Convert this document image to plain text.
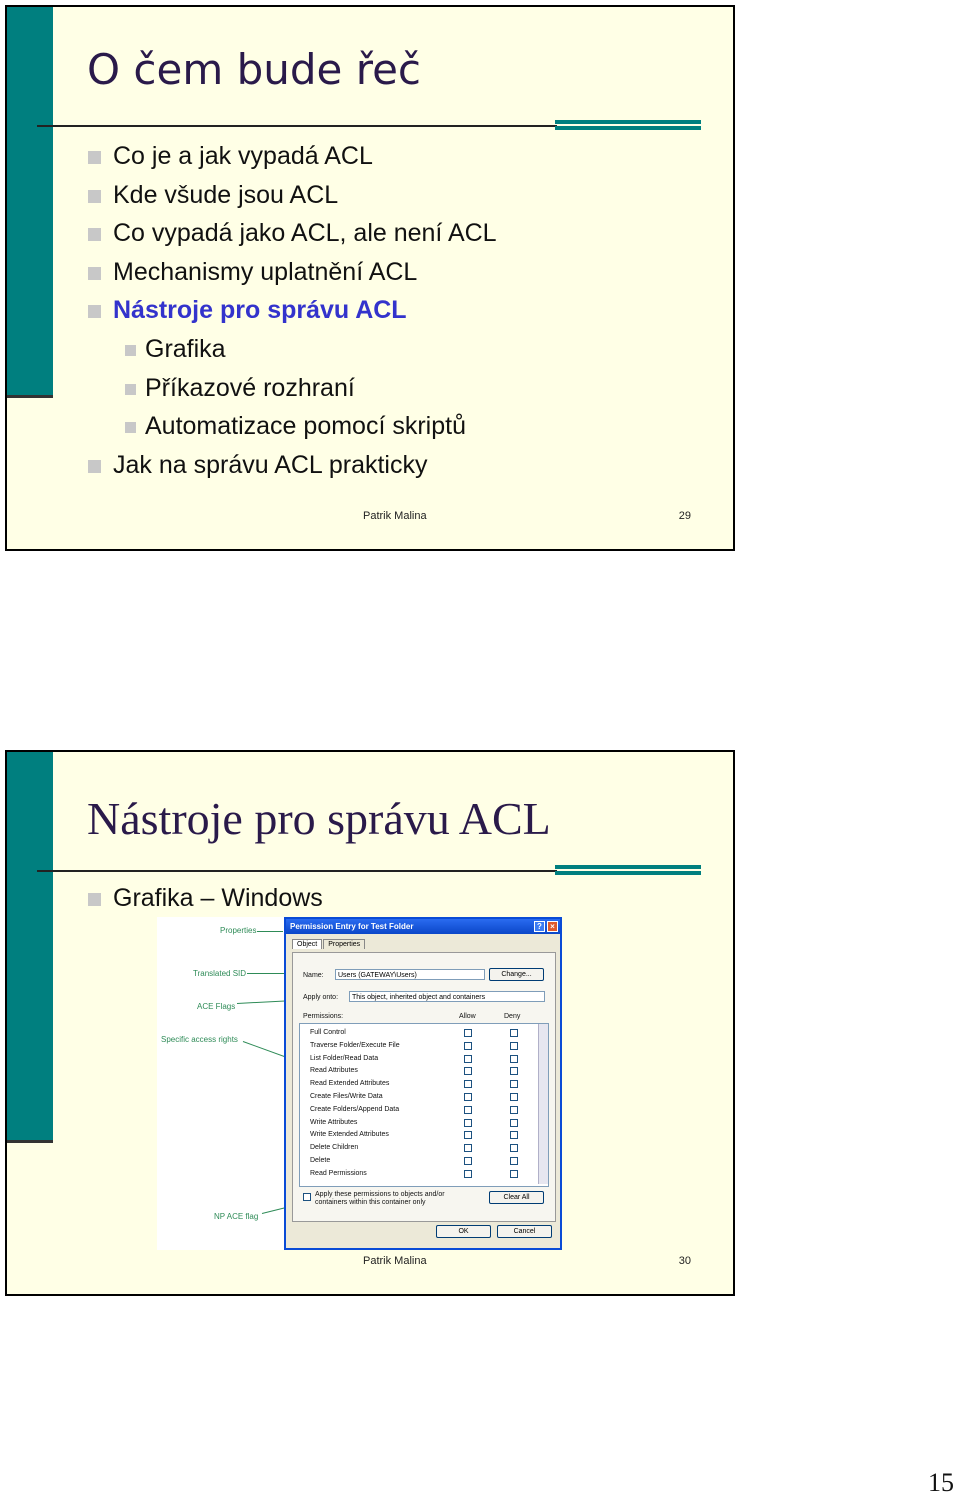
O čem bude řeč
Co je a jak vypadá ACL
Kde všude jsou ACL
Co vypadá jako ACL, ale není ACL
Mechanismy uplatnění ACL
Nástroje pro správu ACL
Grafika
Příkazové rozhraní
Automatizace pomocí skriptů
Jak na správu ACL prakticky
Patrik Malina	29
Nástroje pro správu ACL
Grafika – Windows
Properties
Translated SID
ACE Flags
Specific access rights
NP ACE flag
Permission Entry for Test Folder	?	×
Object	Properties
Name:	Users (GATEWAY\Users)	Change...
Apply onto:	This object, inherited object and containers
Permissions:	Allow	Deny
Full Control
Traverse Folder/Execute File
List Folder/Read Data
Read Attributes
Read Extended Attributes
Create Files/Write Data
Create Folders/Append Data
Write Attributes
Write Extended Attributes
Delete Children
Delete
Read Permissions
Apply these permissions to objects and/or containers within this container only
Clear All
OK	Cancel
Patrik Malina	30
15
